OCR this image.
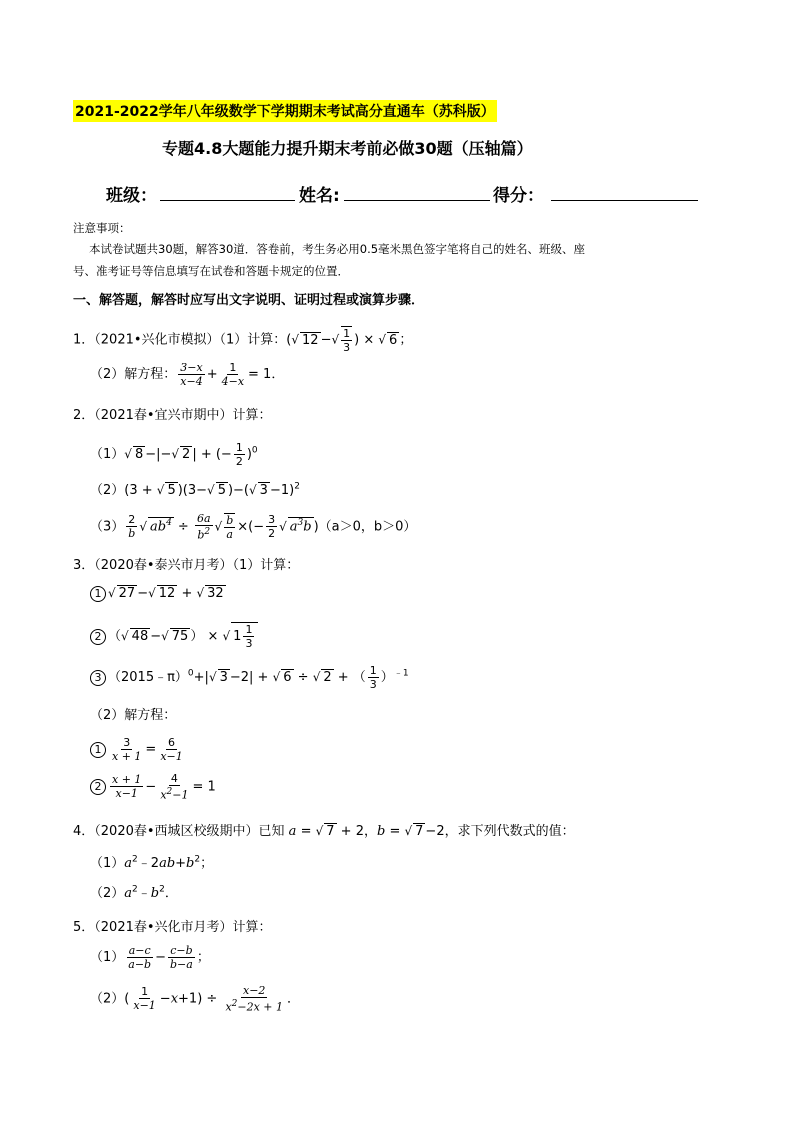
2021-2022学年八年级数学下学期期末考试高分直通车（苏科版）
专题4.8大题能力提升期末考前必做30题（压轴篇）
班级：	姓名:	得分：
注意事项：
本试卷试题共30题，解答30道．答卷前，考生务必用0.5毫米黑色签字笔将自己的姓名、班级、座
号、准考证号等信息填写在试卷和答题卡规定的位置．
一、解答题，解答时应写出文字说明、证明过程或演算步骤．
1．（2021•兴化市模拟）（1）计算：(√ 12 −√ $\frac{1}{3}$ ) × √ 6 ；
（2）解方程： $\frac{3-x}{x-4} + \frac{1}{4-x} = 1$．
2．（2021春•宜兴市期中）计算：
（1）√ 8 −|−√ 2 | + (− $\frac{1}{2} )^0$
（2）(3 + √ 5 )(3−√ 5 )−(√ 3 −1)$^2$
$(3) \frac{2}{b}$ √ $ab^4 \div \frac{6a}{b^2}$ √ $\frac{b}{a}$ ×(− $\frac{3}{2}$ √ $a^3b$ )（a＞0，b＞0）
3．（2020春•泰兴市月考）（1）计算：
1 √ 27 −√ 12 + √ 32
2 （√ 48 −√ 75 ） × √ $1 \frac{1}{3}$
3 （2015﹣π）$^0$+|√ 3 −2| + √ 6 ÷ √ 2 + （ $\frac{1}{3} )^{﹣1}$
（2）解方程：
$1 \frac{3}{x + 1} = \frac{6}{x-1}$
$2 \frac{x + 1}{x-1} - \frac{4}{x^2-1} = 1$
4．（2020春•西城区校级期中）已知 a = √ 7 + 2，b = √ 7 −2，求下列代数式的值：
$(1)a^2﹣2ab+b^2$；
$(2)a^2﹣b^2$．
5．（2021春•兴化市月考）计算：
$(1) \frac{a-c}{a-b} - \frac{c-b}{b-a}$ ；
$(2)( \frac{1}{x-1} -x+1) \div \frac{x-2}{x^2-2x + 1}$ ．
